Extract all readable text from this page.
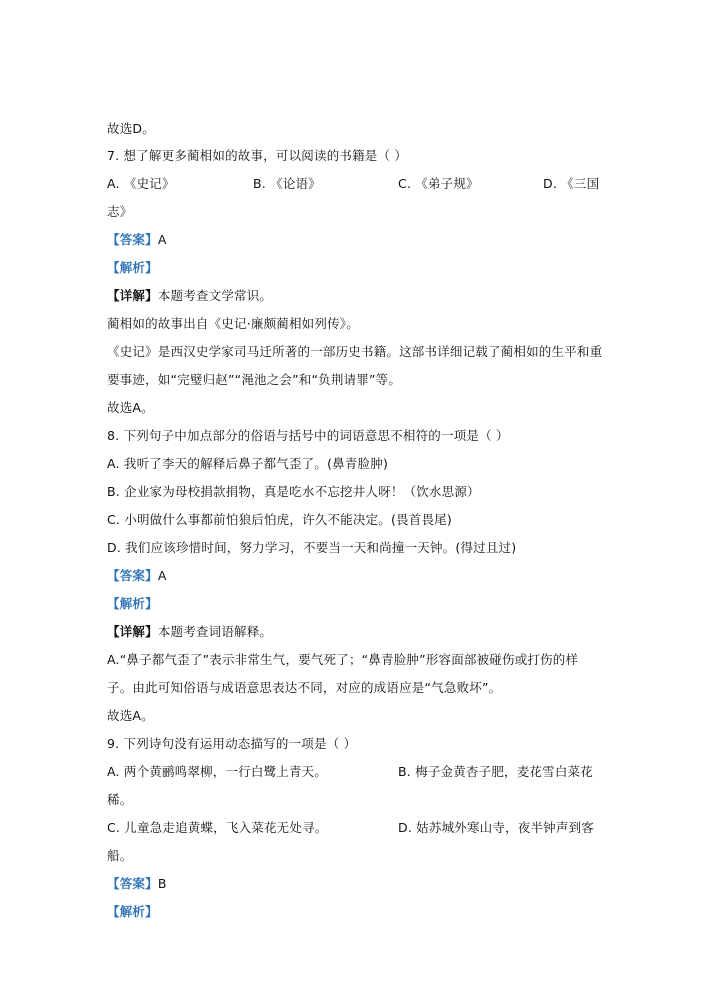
故选D。
7. 想了解更多蔺相如的故事，可以阅读的书籍是（ ）
A. 《史记》	B. 《论语》	C. 《弟子规》	D. 《三国
志》
【答案】A
【解析】
【详解】本题考查文学常识。
蔺相如的故事出自《史记·廉颇蔺相如列传》。
《史记》是西汉史学家司马迁所著的一部历史书籍。这部书详细记载了蔺相如的生平和重
要事迹，如“完璧归赵”“渑池之会”和“负荆请罪”等。
故选A。
8. 下列句子中加点部分的俗语与括号中的词语意思不相符的一项是（ ）
A. 我听了李天的解释后鼻子都气歪了。(鼻青脸肿)
B. 企业家为母校捐款捐物，真是吃水不忘挖井人呀！（饮水思源）
C. 小明做什么事都前怕狼后怕虎，许久不能决定。(畏首畏尾)
D. 我们应该珍惜时间，努力学习，不要当一天和尚撞一天钟。(得过且过)
【答案】A
【解析】
【详解】本题考查词语解释。
A.“鼻子都气歪了”表示非常生气，要气死了；“鼻青脸肿”形容面部被碰伤或打伤的样
子。由此可知俗语与成语意思表达不同，对应的成语应是“气急败坏”。
故选A。
9. 下列诗句没有运用动态描写的一项是（ ）
A. 两个黄鹂鸣翠柳，一行白鹭上青天。	B. 梅子金黄杏子肥，麦花雪白菜花
稀。
C. 儿童急走追黄蝶，飞入菜花无处寻。	D. 姑苏城外寒山寺，夜半钟声到客
船。
【答案】B
【解析】
